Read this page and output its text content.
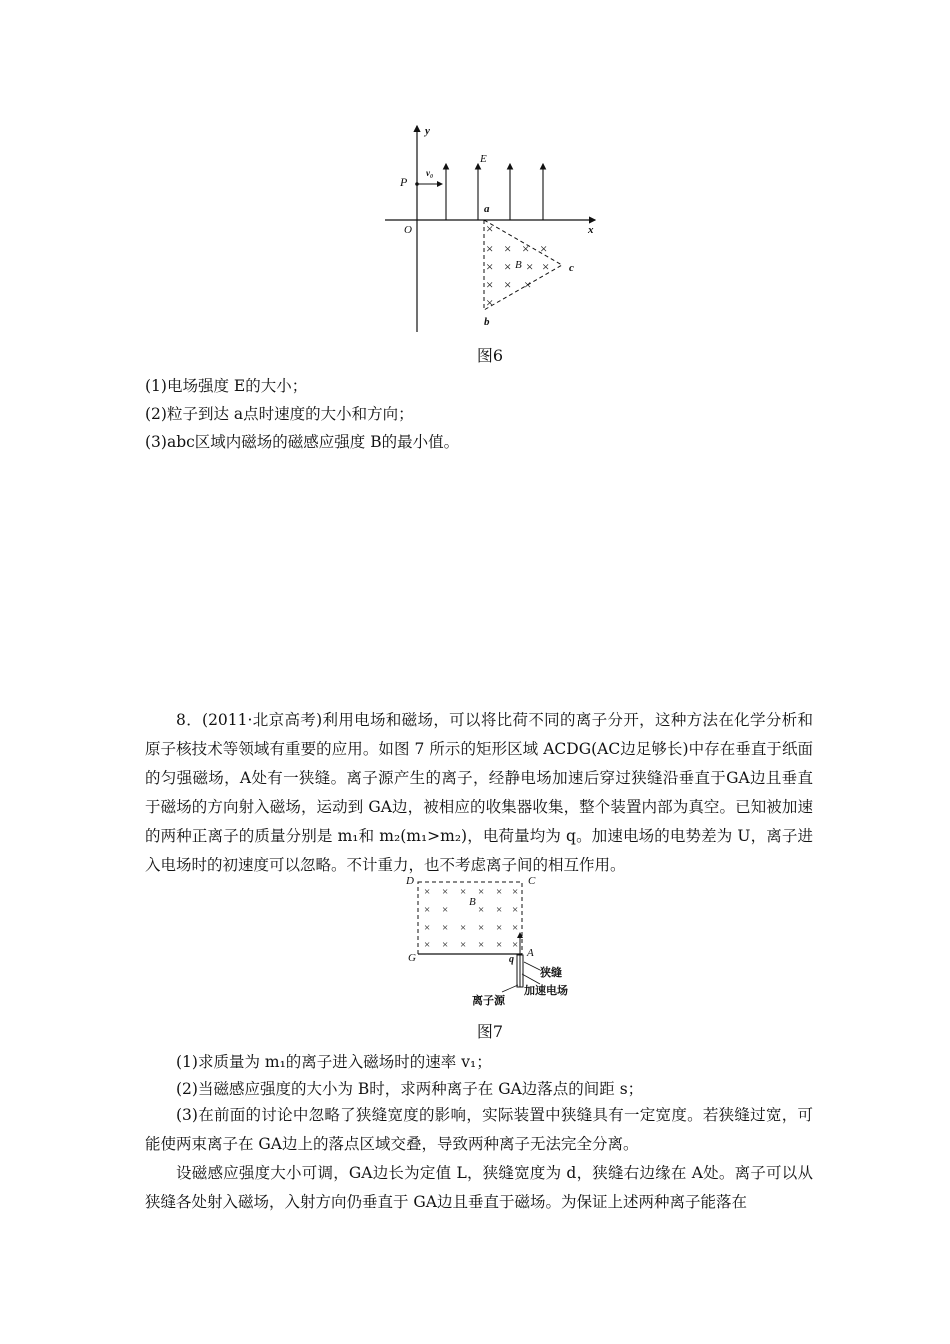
×
× × × ×
× × × ×
× × ×
×
y
x
O
P
v₀
E
a
b
c
B
图6
(1)电场强度 E的大小；
(2)粒子到达 a点时速度的大小和方向；
(3)abc区域内磁场的磁感应强度 B的最小值。
8．(2011·北京高考)利用电场和磁场，可以将比荷不同的离子分开，这种方法在化学分析和原子核技术等领域有重要的应用。如图 7 所示的矩形区域 ACDG(AC边足够长)中存在垂直于纸面的匀强磁场，A处有一狭缝。离子源产生的离子，经静电场加速后穿过狭缝沿垂直于GA边且垂直于磁场的方向射入磁场，运动到 GA边，被相应的收集器收集，整个装置内部为真空。已知被加速的两种正离子的质量分别是 m₁和 m₂(m₁>m₂)，电荷量均为 q。加速电场的电势差为 U，离子进入电场时的初速度可以忽略。不计重力，也不考虑离子间的相互作用。
× × × × × ×
× ×	× × ×
× × × × × ×
× × × × × ×
D	C
G	A
B
q
狭缝
加速电场
离子源
图7
(1)求质量为 m₁的离子进入磁场时的速率 v₁；
(2)当磁感应强度的大小为 B时，求两种离子在 GA边落点的间距 s；
(3)在前面的讨论中忽略了狭缝宽度的影响，实际装置中狭缝具有一定宽度。若狭缝过宽，可能使两束离子在 GA边上的落点区域交叠，导致两种离子无法完全分离。
设磁感应强度大小可调，GA边长为定值 L，狭缝宽度为 d，狭缝右边缘在 A处。离子可以从狭缝各处射入磁场，入射方向仍垂直于 GA边且垂直于磁场。为保证上述两种离子能落在
